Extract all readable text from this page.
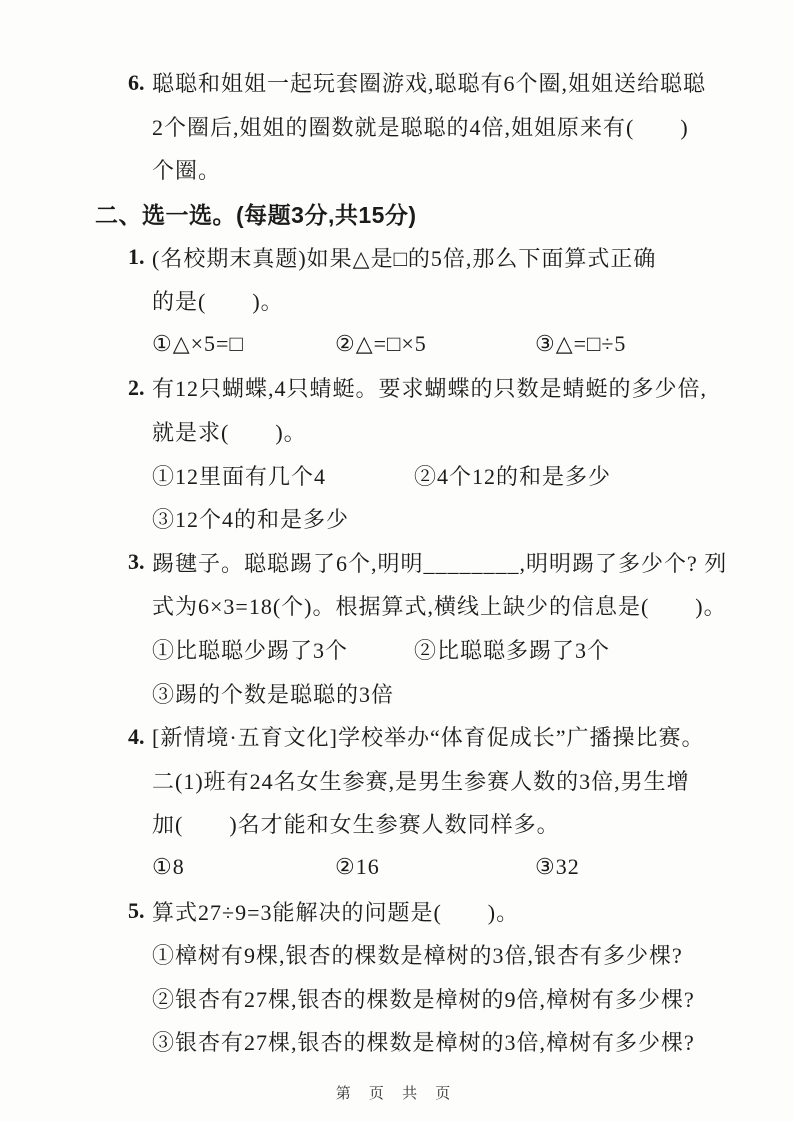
6. 聪聪和姐姐一起玩套圈游戏,聪聪有6个圈,姐姐送给聪聪
2个圈后,姐姐的圈数就是聪聪的4倍,姐姐原来有(　　)
个圈。
二、选一选。(每题3分,共15分)
1. (名校期末真题)如果△是□的5倍,那么下面算式正确
的是(　　)。
①△×5=□	②△=□×5	③△=□÷5
2. 有12只蝴蝶,4只蜻蜓。要求蝴蝶的只数是蜻蜓的多少倍,
就是求(　　)。
①12里面有几个4	②4个12的和是多少
③12个4的和是多少
3. 踢毽子。聪聪踢了6个,明明________,明明踢了多少个? 列
式为6×3=18(个)。根据算式,横线上缺少的信息是(　　)。
①比聪聪少踢了3个	②比聪聪多踢了3个
③踢的个数是聪聪的3倍
4. [新情境·五育文化]学校举办“体育促成长”广播操比赛。
二(1)班有24名女生参赛,是男生参赛人数的3倍,男生增
加(　　)名才能和女生参赛人数同样多。
①8	②16	③32
5. 算式27÷9=3能解决的问题是(　　)。
①樟树有9棵,银杏的棵数是樟树的3倍,银杏有多少棵?
②银杏有27棵,银杏的棵数是樟树的9倍,樟树有多少棵?
③银杏有27棵,银杏的棵数是樟树的3倍,樟树有多少棵?
第 页 共 页
